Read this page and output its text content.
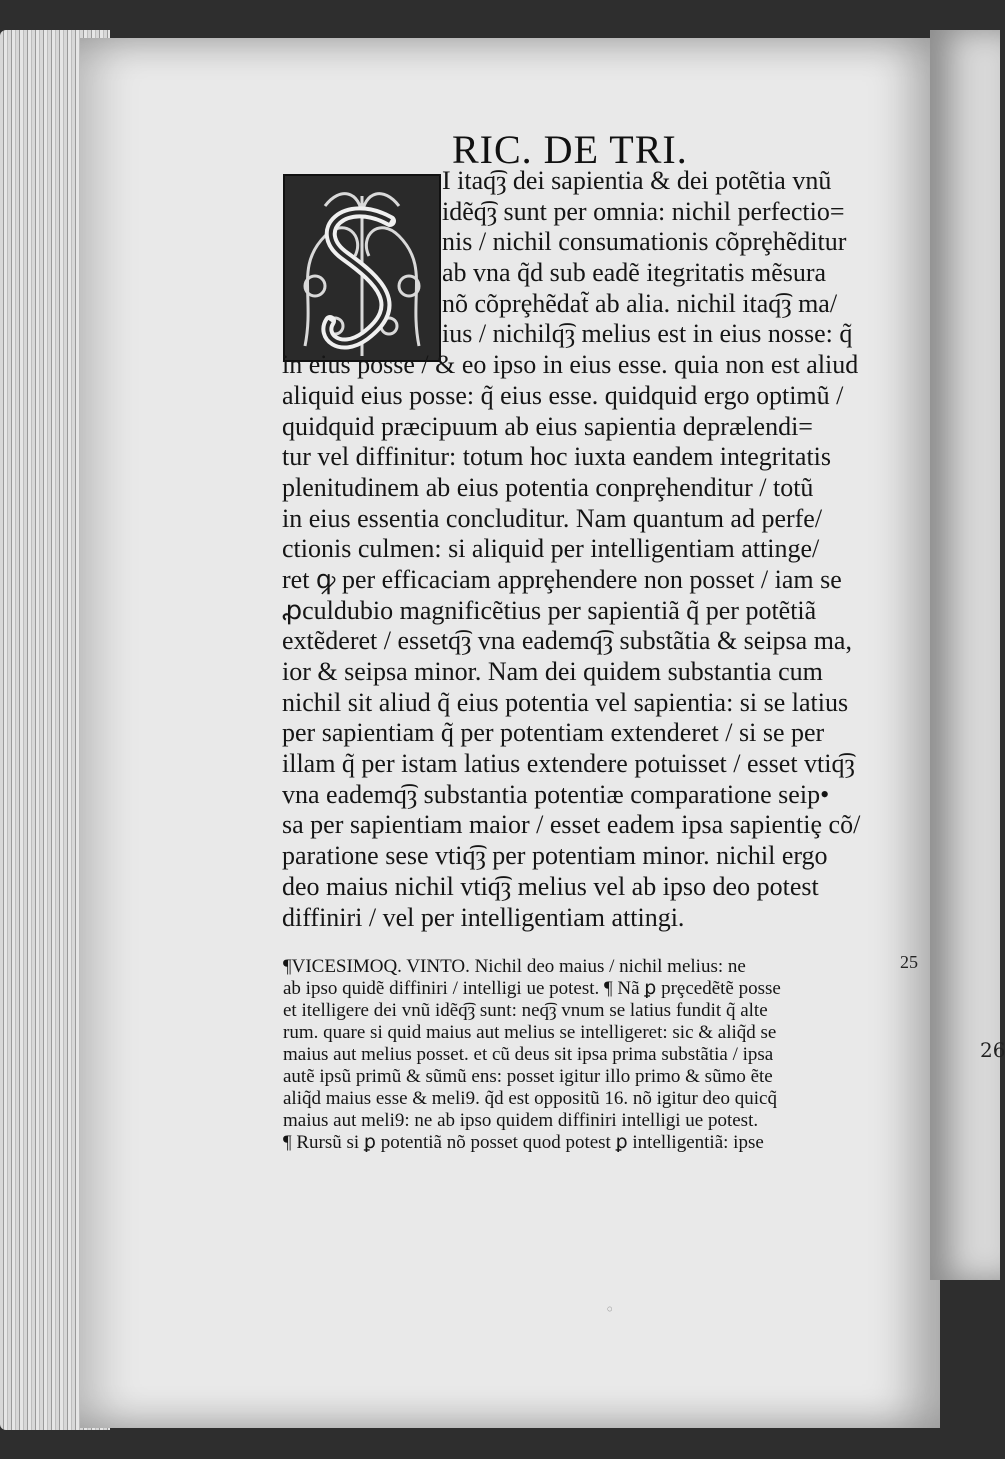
26
RIC. DE TRI.
I itaq͡ȝ dei sapientia & dei potẽtia vnũ
idẽq͡ȝ sunt per omnia: nichil perfectio=
nis / nichil consumationis cõprȩhẽditur
ab vna q̃d sub eadẽ itegritatis mẽsura
nõ cõprȩhẽdat̃ ab alia. nichil itaq͡ȝ ma/
ius / nichilq͡ȝ melius est in eius nosse: q̃
in eius posse / & eo ipso in eius esse. quia non est aliud
aliquid eius posse: q̃ eius esse. quidquid ergo optimũ /
quidquid præcipuum ab eius sapientia deprælendi=
tur vel diffinitur: totum hoc iuxta eandem integritatis
plenitudinem ab eius potentia conprȩhenditur / totũ
in eius essentia concluditur. Nam quantum ad perfe/
ctionis culmen: si aliquid per intelligentiam attinge/
ret ꝙ per efficaciam apprȩhendere non posset / iam se
ꝓculdubio magnificẽtius per sapientiã q̃ per potẽtiã
extẽderet / essetq͡ȝ vna eademq͡ȝ substãtia & seipsa ma,
ior & seipsa minor. Nam dei quidem substantia cum
nichil sit aliud q̃ eius potentia vel sapientia: si se latius
per sapientiam q̃ per potentiam extenderet / si se per
illam q̃ per istam latius extendere potuisset / esset vtiq͡ȝ
vna eademq͡ȝ substantia potentiæ comparatione seip•
sa per sapientiam maior / esset eadem ipsa sapientiȩ cõ/
paratione sese vtiq͡ȝ per potentiam minor. nichil ergo
deo maius nichil vtiq͡ȝ melius vel ab ipso deo potest
diffiniri / vel per intelligentiam attingi.
25
¶VICESIMOQ. VINTO. Nichil deo maius / nichil melius: ne
ab ipso quidẽ diffiniri / intelligi ue potest. ¶ Nã ꝑ prȩcedẽtẽ posse
et itelligere dei vnũ idẽq͡ȝ sunt: neq͡ȝ vnum se latius fundit q̃ alte
rum. quare si quid maius aut melius se intelligeret: sic & aliq̃d se
maius aut melius posset. et cũ deus sit ipsa prima substãtia / ipsa
autẽ ipsũ primũ & sũmũ ens: posset igitur illo primo & sũmo ẽte
aliq̃d maius esse & meli9. q̃d est oppositũ 16. nõ igitur deo quicq̃
maius aut meli9: ne ab ipso quidem diffiniri intelligi ue potest.
¶ Rursũ si ꝑ potentiã nõ posset quod potest ꝑ intelligentiã: ipse
◦
